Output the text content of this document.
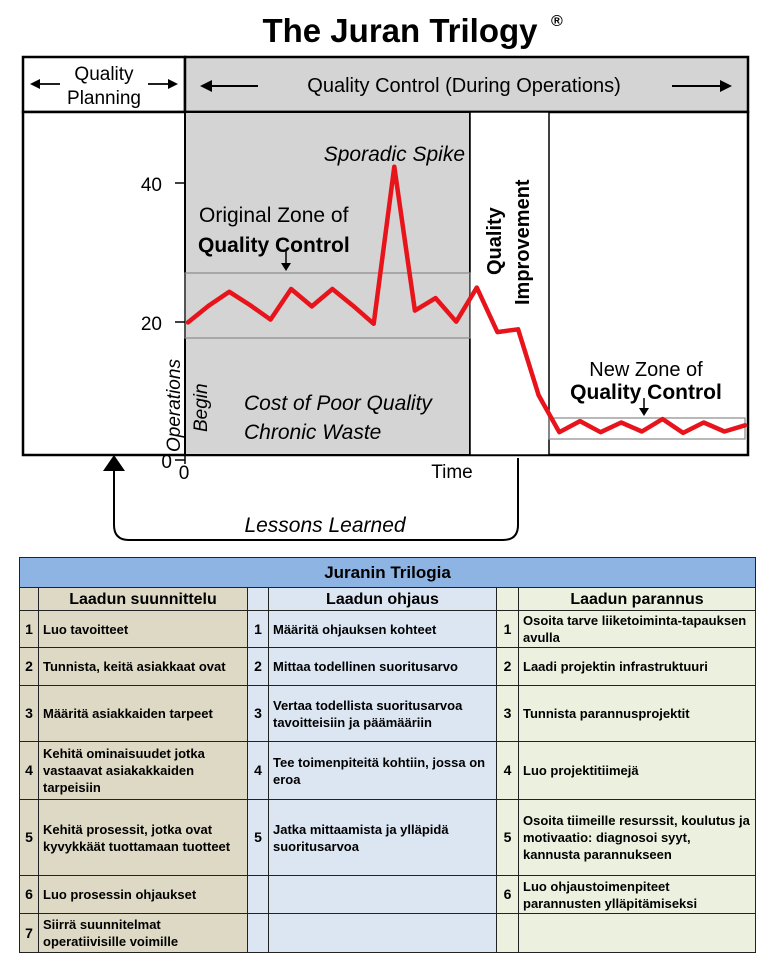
The Juran Trilogy ®
Quality
Planning
Quality Control (During Operations)
40
20
0
0	Time
Operations Begin
Quality Improvement
Sporadic Spike
Original Zone of
Quality Control
Cost of Poor Quality
Chronic Waste
New Zone of
Quality Control
Lessons Learned
Juranin Trilogia					
	Laadun suunnittelu		Laadun ohjaus		Laadun parannus
1	Luo tavoitteet	1	Määritä ohjauksen kohteet	1	Osoita tarve liiketoiminta-tapauksen avulla
2	Tunnista, keitä asiakkaat ovat	2	Mittaa todellinen suoritusarvo	2	Laadi projektin infrastruktuuri
3	Määritä asiakkaiden tarpeet	3	Vertaa todellista suoritusarvoa tavoitteisiin ja päämääriin	3	Tunnista parannusprojektit
4	Kehitä ominaisuudet jotka vastaavat asiakakkaiden tarpeisiin	4	Tee toimenpiteitä kohtiin, jossa on eroa	4	Luo projektitiimejä
5	Kehitä prosessit, jotka ovat kyvykkäät tuottamaan tuotteet	5	Jatka mittaamista ja ylläpidä suoritusarvoa	5	Osoita tiimeille resurssit, koulutus ja motivaatio: diagnosoi syyt, kannusta parannukseen
6	Luo prosessin ohjaukset			6	Luo ohjaustoimenpiteet parannusten ylläpitämiseksi
7	Siirrä suunnitelmat operatiivisille voimille				
